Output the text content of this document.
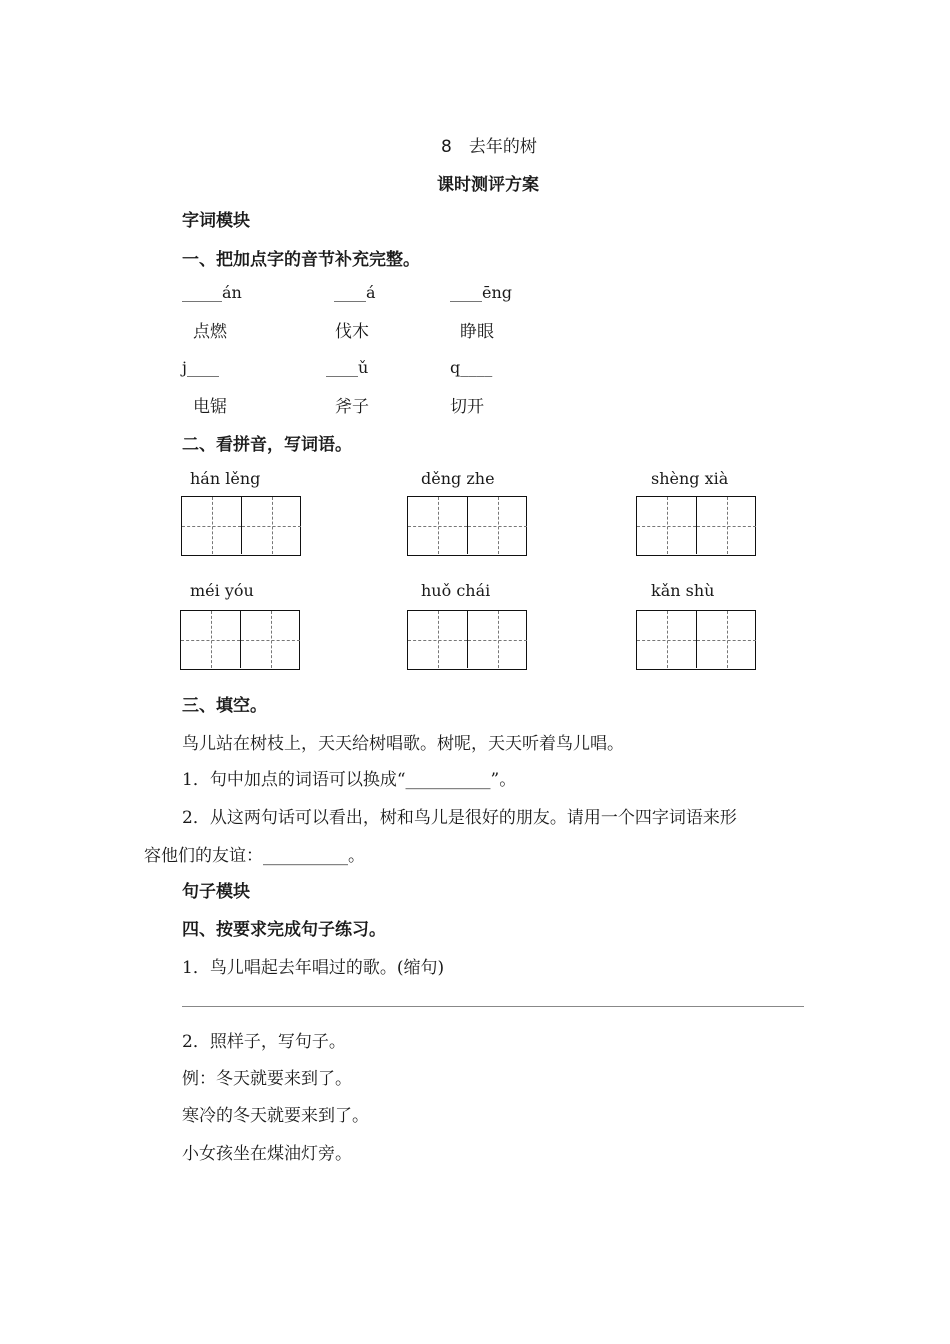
8　去年的树
课时测评方案
字词模块
一、把加点字的音节补充完整。
_____án	____á	____ēng
点燃	伐木	睁眼
j____	____ǔ	q____
电锯	斧子	切开
二、看拼音，写词语。
hán lěng	děng zhe	shèng xià
méi yóu	huǒ chái	kǎn shù
三、填空。
鸟儿站在树枝上，天天给树唱歌。树呢，天天听着鸟儿唱。
1．句中加点的词语可以换成“__________”。
2．从这两句话可以看出，树和鸟儿是很好的朋友。请用一个四字词语来形
容他们的友谊：__________。
句子模块
四、按要求完成句子练习。
1．鸟儿唱起去年唱过的歌。(缩句)
2．照样子，写句子。
例：冬天就要来到了。
寒冷的冬天就要来到了。
小女孩坐在煤油灯旁。
